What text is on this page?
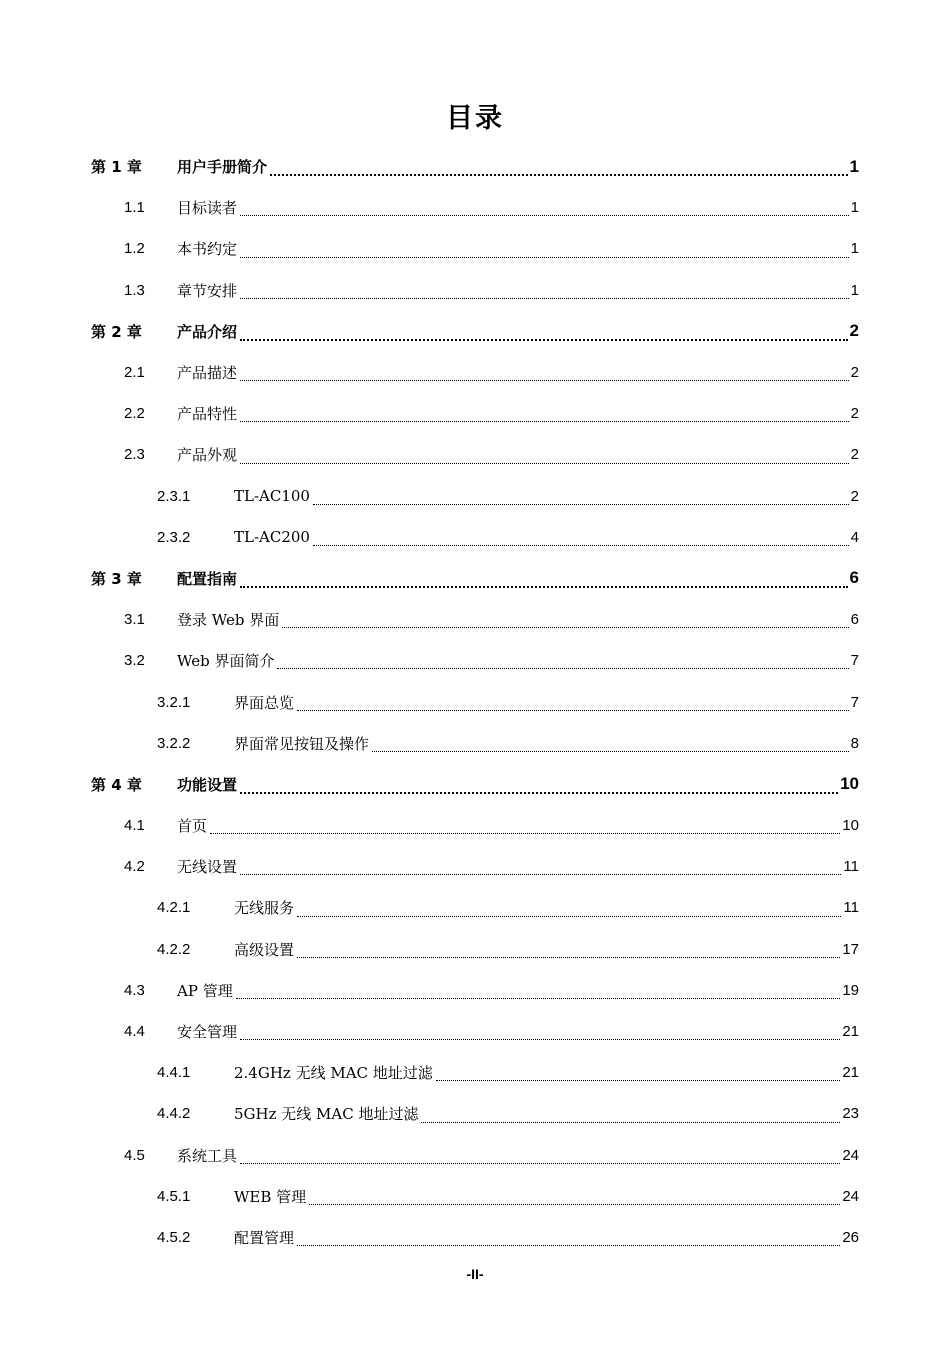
目录
第 1 章 用户手册简介	1
1.1 目标读者	1
1.2 本书约定	1
1.3 章节安排	1
第 2 章 产品介绍	2
2.1 产品描述	2
2.2 产品特性	2
2.3 产品外观	2
2.3.1	TL-AC100	2
2.3.2	TL-AC200	4
第 3 章 配置指南	6
3.1 登录 Web 界面	6
3.2 Web 界面简介	7
3.2.1	界面总览	7
3.2.2	界面常见按钮及操作	8
第 4 章 功能设置	10
4.1 首页	10
4.2 无线设置	11
4.2.1	无线服务	11
4.2.2	高级设置	17
4.3 AP 管理	19
4.4 安全管理	21
4.4.1	2.4GHz 无线 MAC 地址过滤	21
4.4.2	5GHz 无线 MAC 地址过滤	23
4.5 系统工具	24
4.5.1	WEB 管理	24
4.5.2	配置管理	26
-II-
